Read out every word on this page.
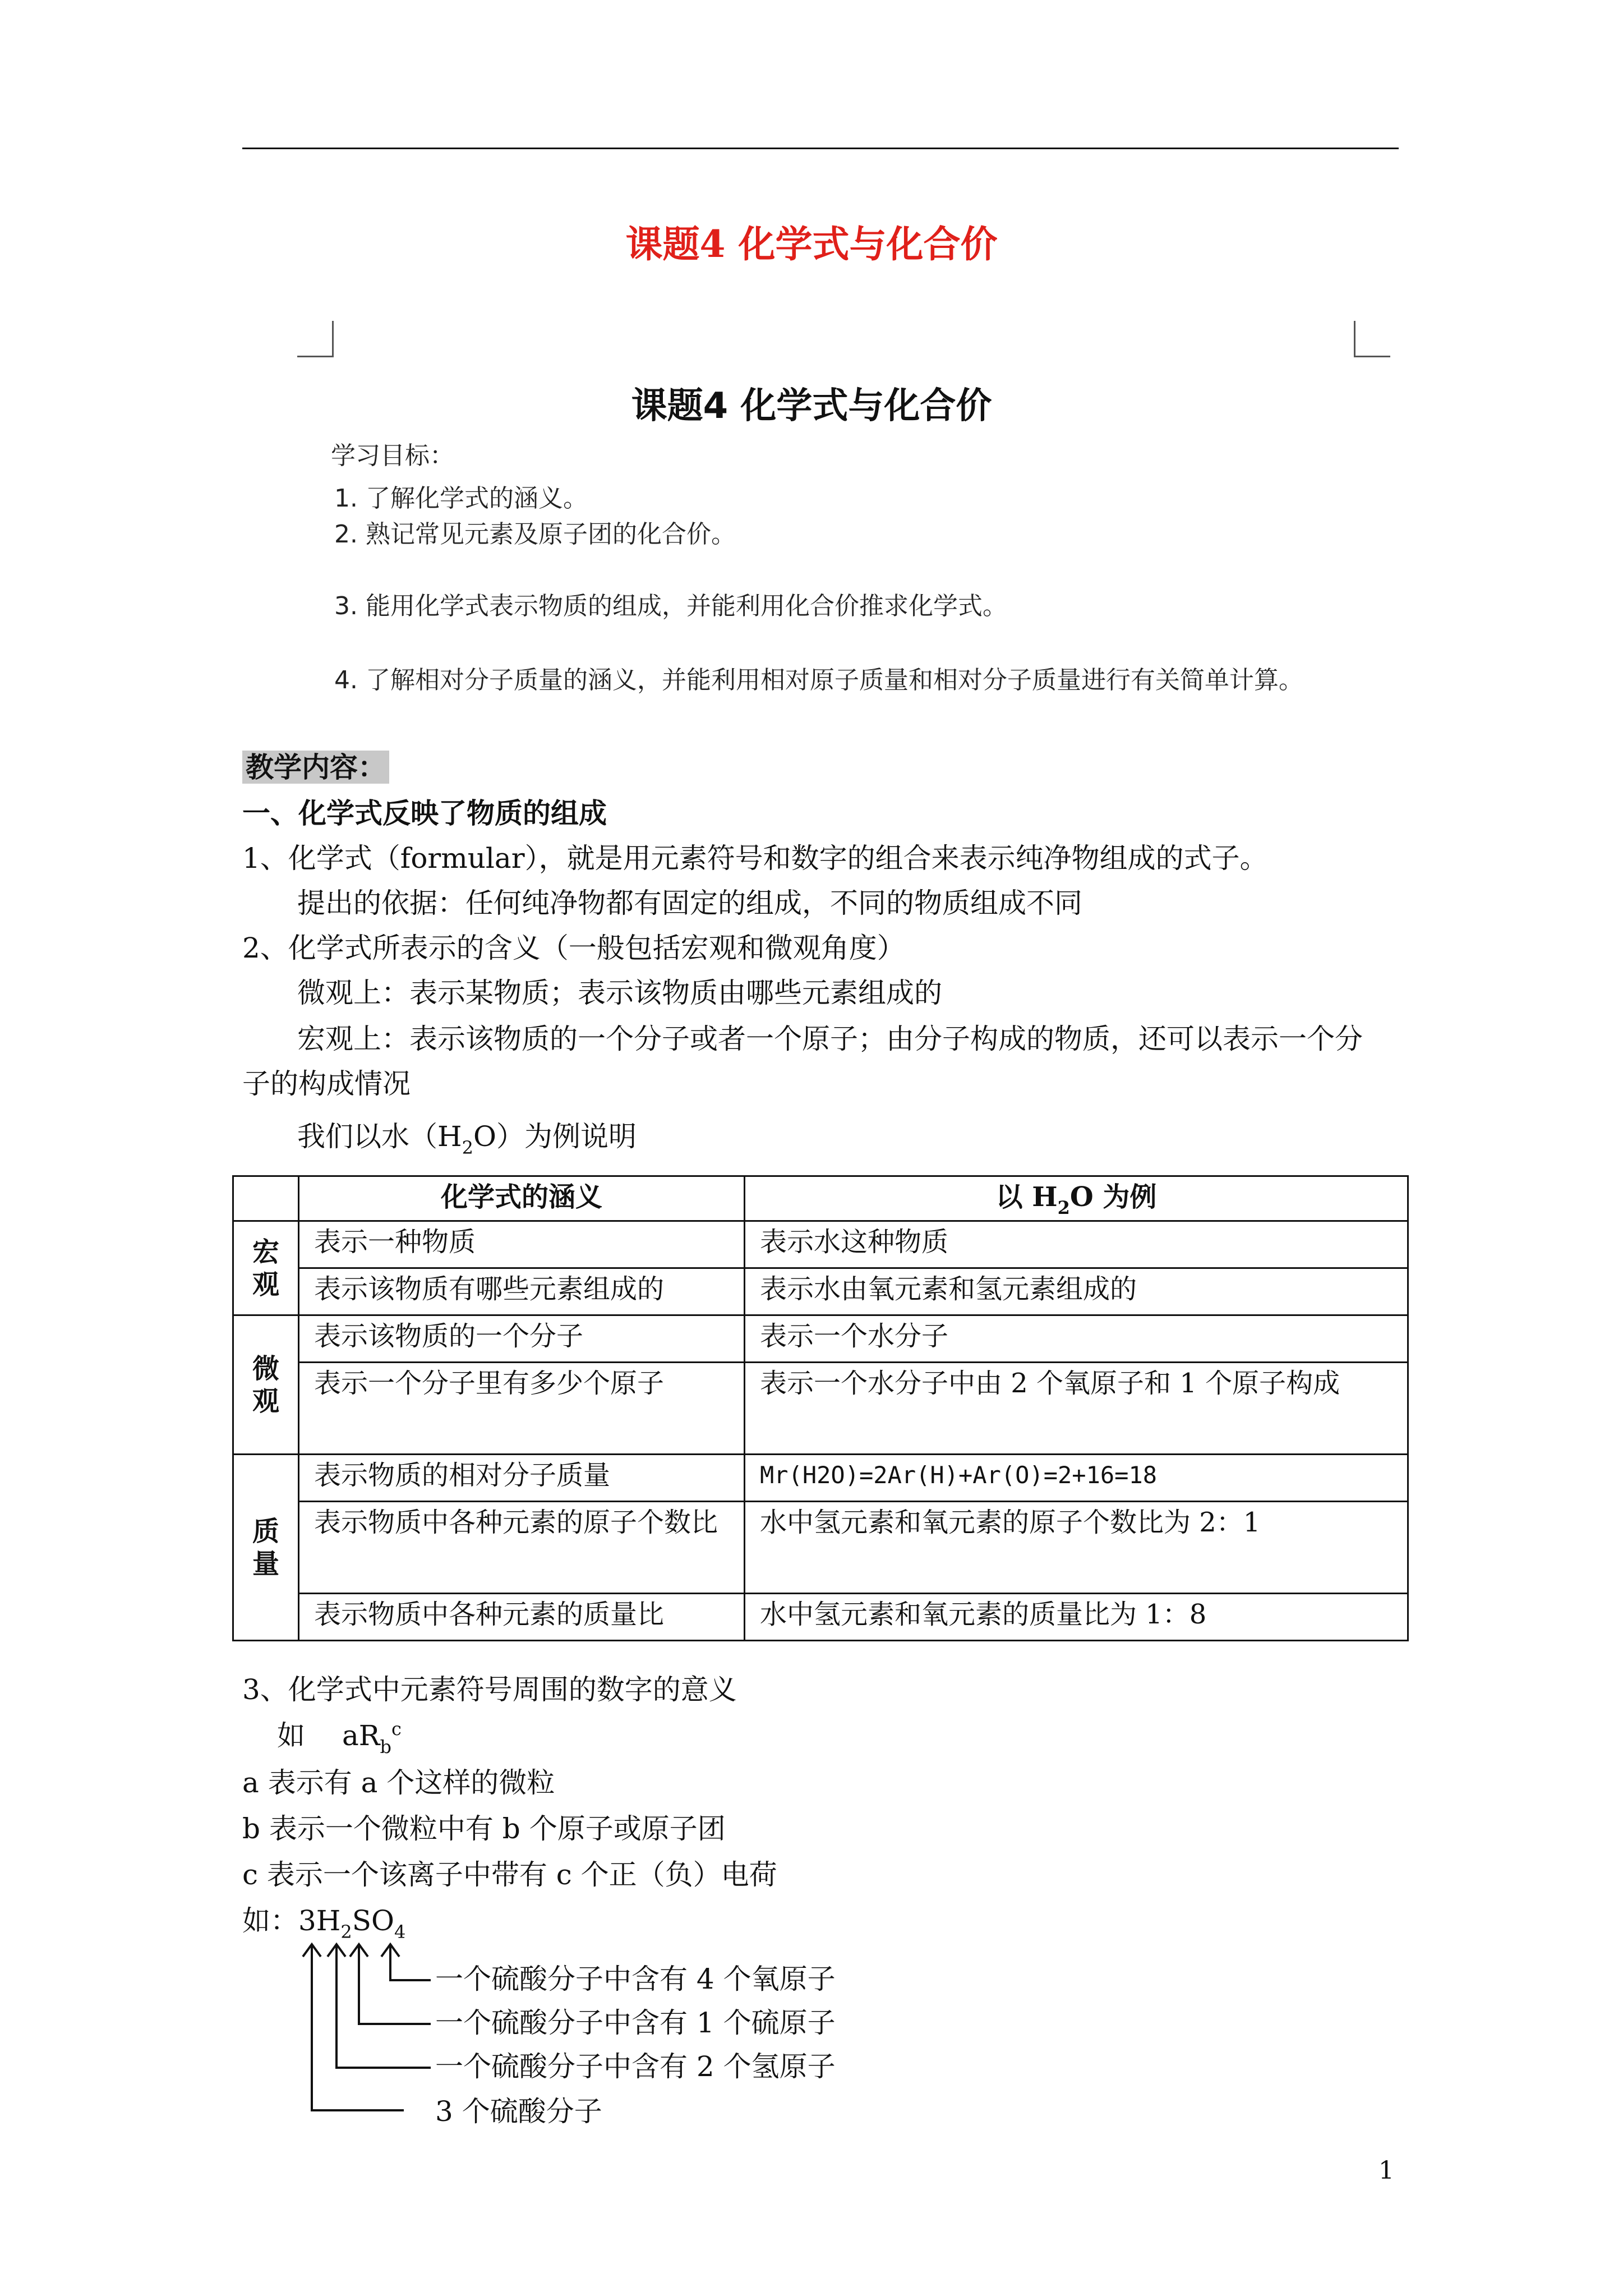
课题4 化学式与化合价
课题4 化学式与化合价
学习目标：
1. 了解化学式的涵义。
2. 熟记常见元素及原子团的化合价。
3. 能用化学式表示物质的组成，并能利用化合价推求化学式。
4. 了解相对分子质量的涵义，并能利用相对原子质量和相对分子质量进行有关简单计算。
教学内容：
一、化学式反映了物质的组成
1、化学式（formular），就是用元素符号和数字的组合来表示纯净物组成的式子。
提出的依据：任何纯净物都有固定的组成，不同的物质组成不同
2、化学式所表示的含义（一般包括宏观和微观角度）
微观上：表示某物质；表示该物质由哪些元素组成的
宏观上：表示该物质的一个分子或者一个原子；由分子构成的物质，还可以表示一个分
子的构成情况
我们以水$(H_2O)$为例说明
	化学式的涵义	以 $H_2O$ 为例
宏观	表示一种物质	表示水这种物质
	表示该物质有哪些元素组成的	表示水由氧元素和氢元素组成的
微观	表示该物质的一个分子	表示一个水分子
	表示一个分子里有多少个原子	表示一个水分子中由 2 个氧原子和 1 个原子构成
质量	表示物质的相对分子质量	Mr(H2O)=2Ar(H)+Ar(O)=2+16=18
	表示物质中各种元素的原子个数比	水中氢元素和氧元素的原子个数比为 2：1
	表示物质中各种元素的质量比	水中氢元素和氧元素的质量比为 1：8
3、化学式中元素符号周围的数字的意义
如 $aR_b^c$
a 表示有 a 个这样的微粒
b 表示一个微粒中有 b 个原子或原子团
c 表示一个该离子中带有 c 个正（负）电荷
如：$3H_2SO_4$
一个硫酸分子中含有 4 个氧原子
一个硫酸分子中含有 1 个硫原子
一个硫酸分子中含有 2 个氢原子
3 个硫酸分子
1
